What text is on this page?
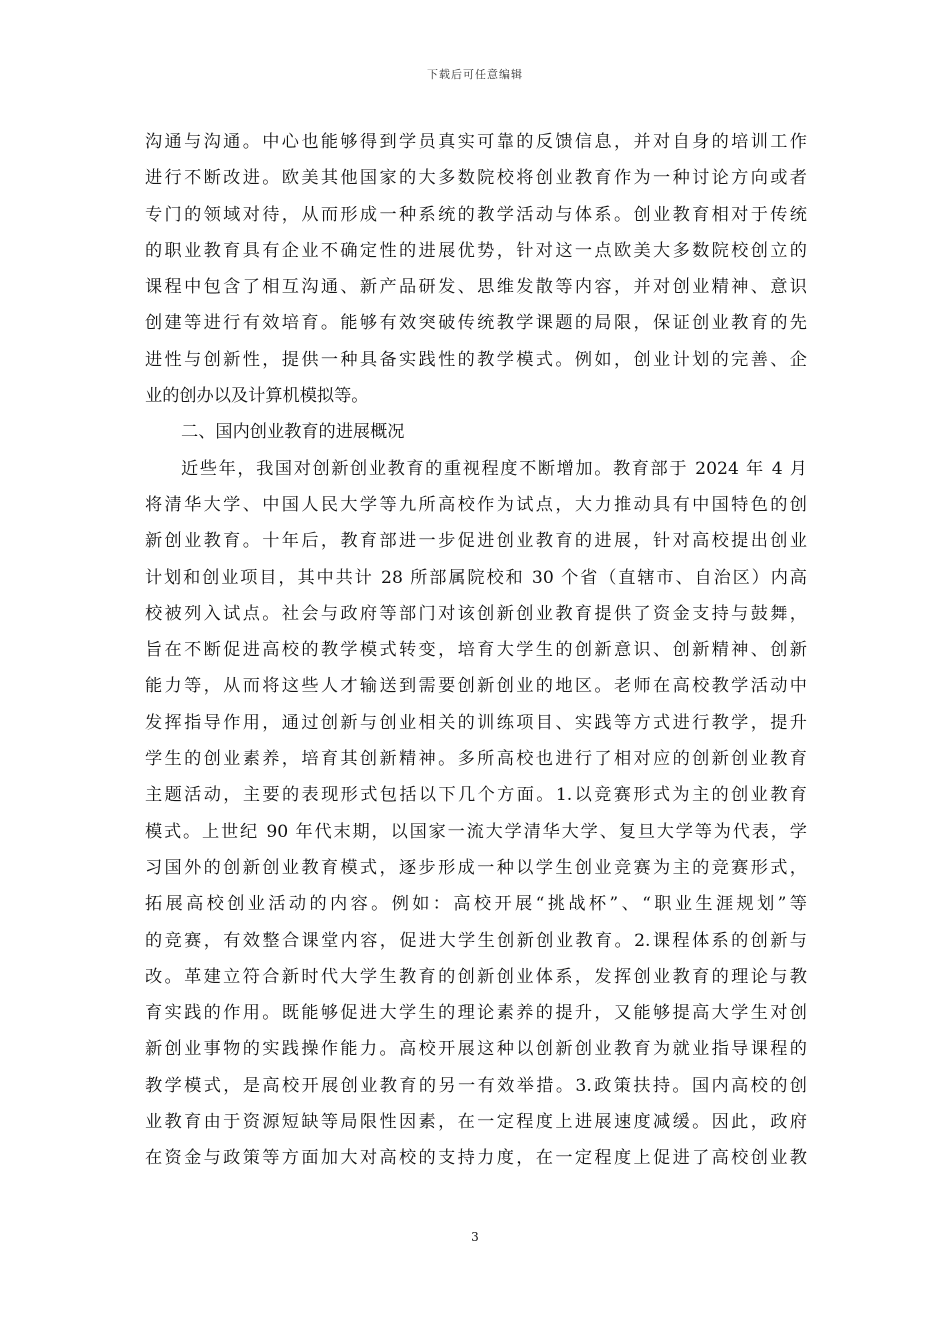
下载后可任意编辑
沟通与沟通。中心也能够得到学员真实可靠的反馈信息，并对自身的培训工作
进行不断改进。欧美其他国家的大多数院校将创业教育作为一种讨论方向或者
专门的领域对待，从而形成一种系统的教学活动与体系。创业教育相对于传统
的职业教育具有企业不确定性的进展优势，针对这一点欧美大多数院校创立的
课程中包含了相互沟通、新产品研发、思维发散等内容，并对创业精神、意识
创建等进行有效培育。能够有效突破传统教学课题的局限，保证创业教育的先
进性与创新性，提供一种具备实践性的教学模式。例如，创业计划的完善、企
业的创办以及计算机模拟等。
二、国内创业教育的进展概况
近些年，我国对创新创业教育的重视程度不断增加。教育部于 2024 年 4 月
将清华大学、中国人民大学等九所高校作为试点，大力推动具有中国特色的创
新创业教育。十年后，教育部进一步促进创业教育的进展，针对高校提出创业
计划和创业项目，其中共计 28 所部属院校和 30 个省（直辖市、自治区）内高
校被列入试点。社会与政府等部门对该创新创业教育提供了资金支持与鼓舞，
旨在不断促进高校的教学模式转变，培育大学生的创新意识、创新精神、创新
能力等，从而将这些人才输送到需要创新创业的地区。老师在高校教学活动中
发挥指导作用，通过创新与创业相关的训练项目、实践等方式进行教学，提升
学生的创业素养，培育其创新精神。多所高校也进行了相对应的创新创业教育
主题活动，主要的表现形式包括以下几个方面。1.以竞赛形式为主的创业教育
模式。上世纪 90 年代末期，以国家一流大学清华大学、复旦大学等为代表，学
习国外的创新创业教育模式，逐步形成一种以学生创业竞赛为主的竞赛形式，
拓展高校创业活动的内容。例如：高校开展“挑战杯”、“职业生涯规划”等
的竞赛，有效整合课堂内容，促进大学生创新创业教育。2.课程体系的创新与
改。革建立符合新时代大学生教育的创新创业体系，发挥创业教育的理论与教
育实践的作用。既能够促进大学生的理论素养的提升，又能够提高大学生对创
新创业事物的实践操作能力。高校开展这种以创新创业教育为就业指导课程的
教学模式，是高校开展创业教育的另一有效举措。3.政策扶持。国内高校的创
业教育由于资源短缺等局限性因素，在一定程度上进展速度减缓。因此，政府
在资金与政策等方面加大对高校的支持力度，在一定程度上促进了高校创业教
3
